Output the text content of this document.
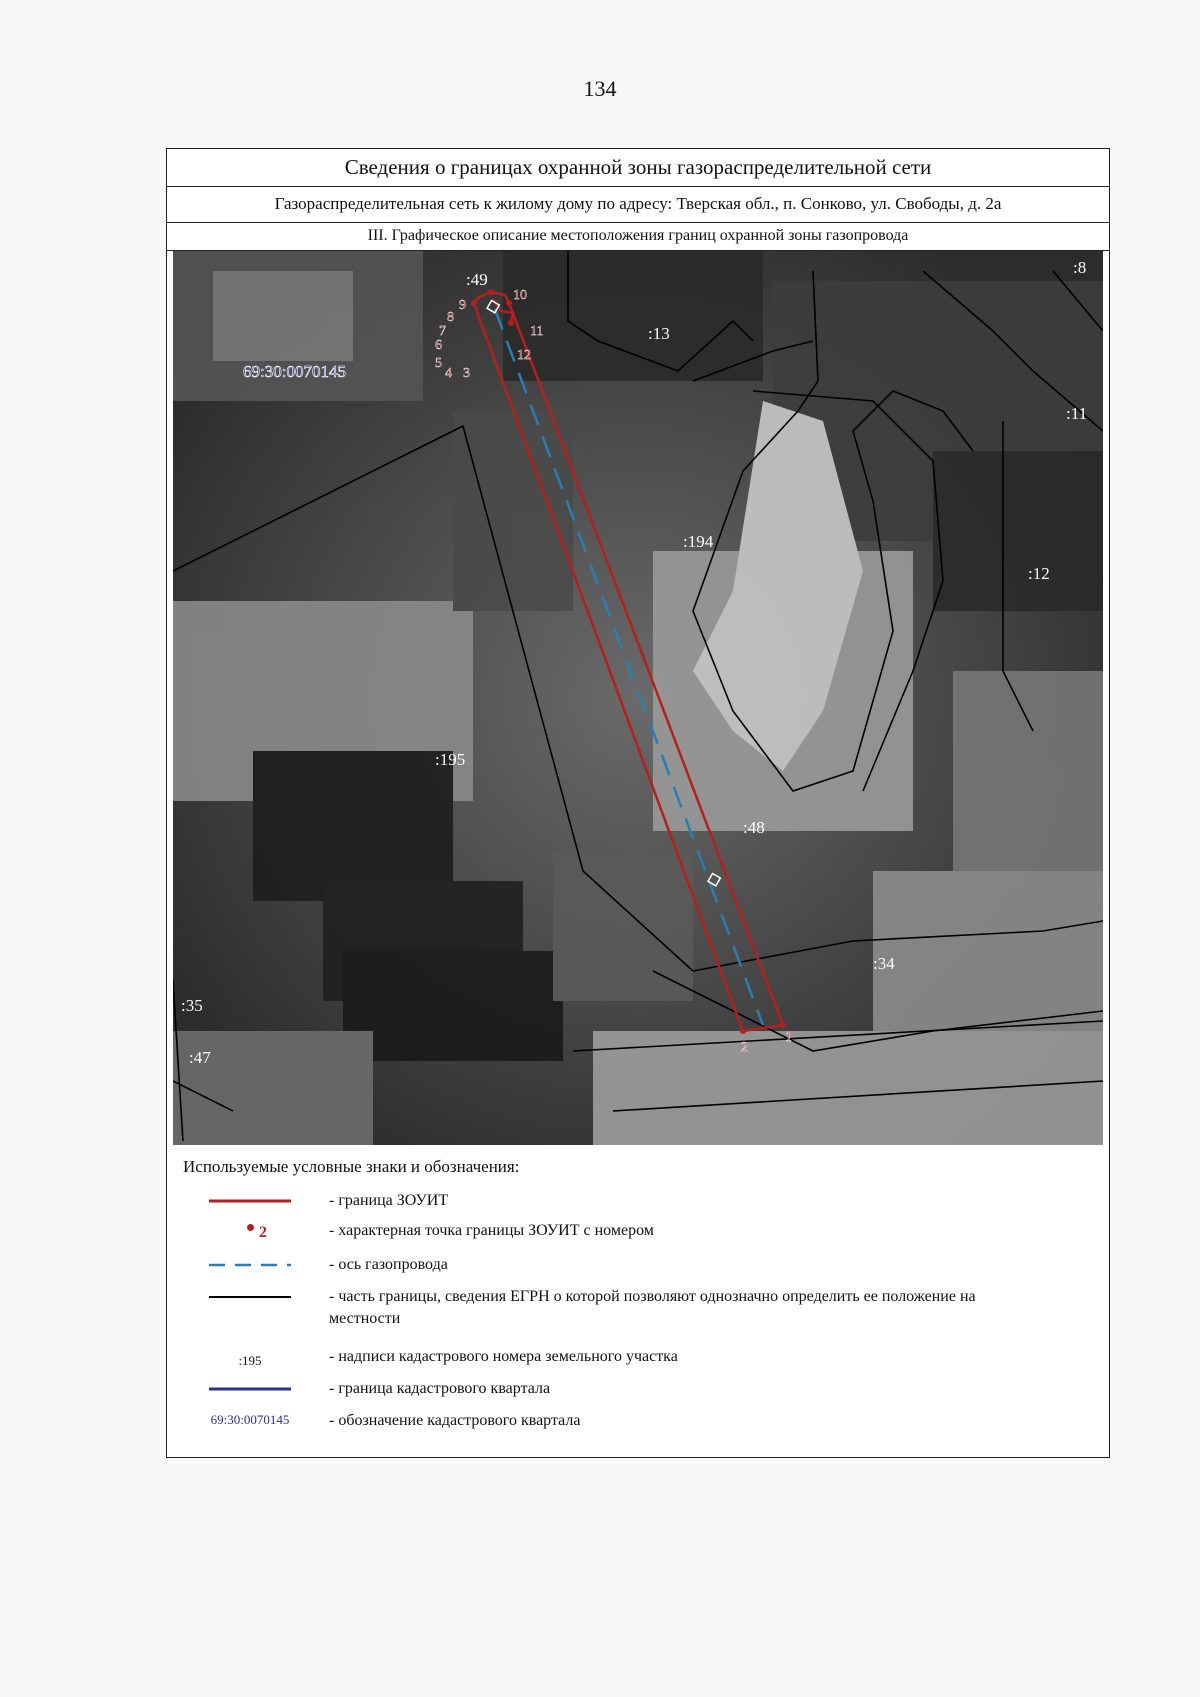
134
Сведения о границах охранной зоны газораспределительной сети
Газораспределительная сеть к жилому дому по адресу: Тверская обл., п. Сонково, ул. Свободы, д. 2а
III. Графическое описание местоположения границ охранной зоны газопровода
1
2
3
4
5
6
7
8
9
10
11
12
69:30:0070145
:49
:13
:8
:11
:194
:12
:195
:48
:34
:35
:47
Используемые условные знаки и обозначения:
- граница ЗОУИТ
2	- характерная точка границы ЗОУИТ с номером
- ось газопровода
- часть границы, сведения ЕГРН о которой позволяют однозначно определить ее положение на местности
:195	- надписи кадастрового номера земельного участка
- граница кадастрового квартала
69:30:0070145	- обозначение кадастрового квартала
